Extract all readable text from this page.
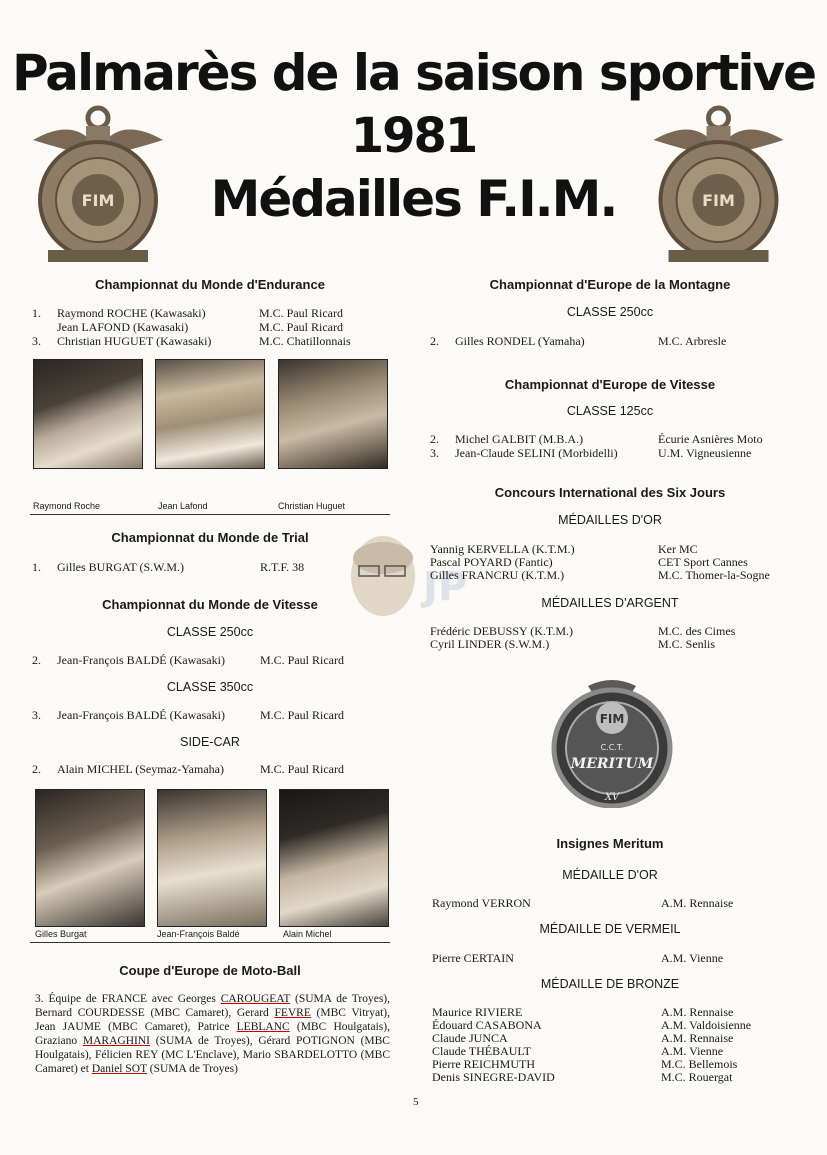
Palmarès de la saison sportive
1981
Médailles F.I.M.
FIM	FIM
Championnat du Monde d'Endurance
1. Raymond ROCHE (Kawasaki)	M.C. Paul Ricard
Jean LAFOND (Kawasaki)	M.C. Paul Ricard
3. Christian HUGUET (Kawasaki)	M.C. Chatillonnais
Raymond Roche	Jean Lafond	Christian Huguet
Championnat du Monde de Trial
1. Gilles BURGAT (S.W.M.)	R.T.F. 38
Championnat du Monde de Vitesse
CLASSE 250cc
2. Jean-François BALDÉ (Kawasaki)	M.C. Paul Ricard
CLASSE 350cc
3. Jean-François BALDÉ (Kawasaki)	M.C. Paul Ricard
SIDE-CAR
2. Alain MICHEL (Seymaz-Yamaha)	M.C. Paul Ricard
Gilles Burgat	Jean-François Baldé	Alain Michel
Coupe d'Europe de Moto-Ball
3. Équipe de FRANCE avec Georges CAROUGEAT (SUMA de Troyes), Bernard COURDESSE (MBC Camaret), Gerard FEVRE (MBC Vitryat), Jean JAUME (MBC Camaret), Patrice LEBLANC (MBC Houlgatais), Graziano MARAGHINI (SUMA de Troyes), Gérard POTIGNON (MBC Houlgatais), Félicien REY (MC L'Enclave), Mario SBARDELOTTO (MBC Camaret) et Daniel SOT (SUMA de Troyes)
JP
Championnat d'Europe de la Montagne
CLASSE 250cc
2. Gilles RONDEL (Yamaha)	M.C. Arbresle
Championnat d'Europe de Vitesse
CLASSE 125cc
2. Michel GALBIT (M.B.A.)	Écurie Asnières Moto
3. Jean-Claude SELINI (Morbidelli)	U.M. Vigneusienne
Concours International des Six Jours
MÉDAILLES D'OR
Yannig KERVELLA (K.T.M.)	Ker MC
Pascal POYARD (Fantic)	CET Sport Cannes
Gilles FRANCRU (K.T.M.)	M.C. Thomer-la-Sogne
MÉDAILLES D'ARGENT
Frédéric DEBUSSY (K.T.M.)	M.C. des Cimes
Cyril LINDER (S.W.M.)	M.C. Senlis
FIM
C.C.T.
MERITUM
XV
Insignes Meritum
MÉDAILLE D'OR
Raymond VERRON	A.M. Rennaise
MÉDAILLE DE VERMEIL
Pierre CERTAIN	A.M. Vienne
MÉDAILLE DE BRONZE
Maurice RIVIERE	A.M. Rennaise
Édouard CASABONA	A.M. Valdoisienne
Claude JUNCA	A.M. Rennaise
Claude THÉBAULT	A.M. Vienne
Pierre REICHMUTH	M.C. Bellemois
Denis SINEGRE-DAVID	M.C. Rouergat
5
